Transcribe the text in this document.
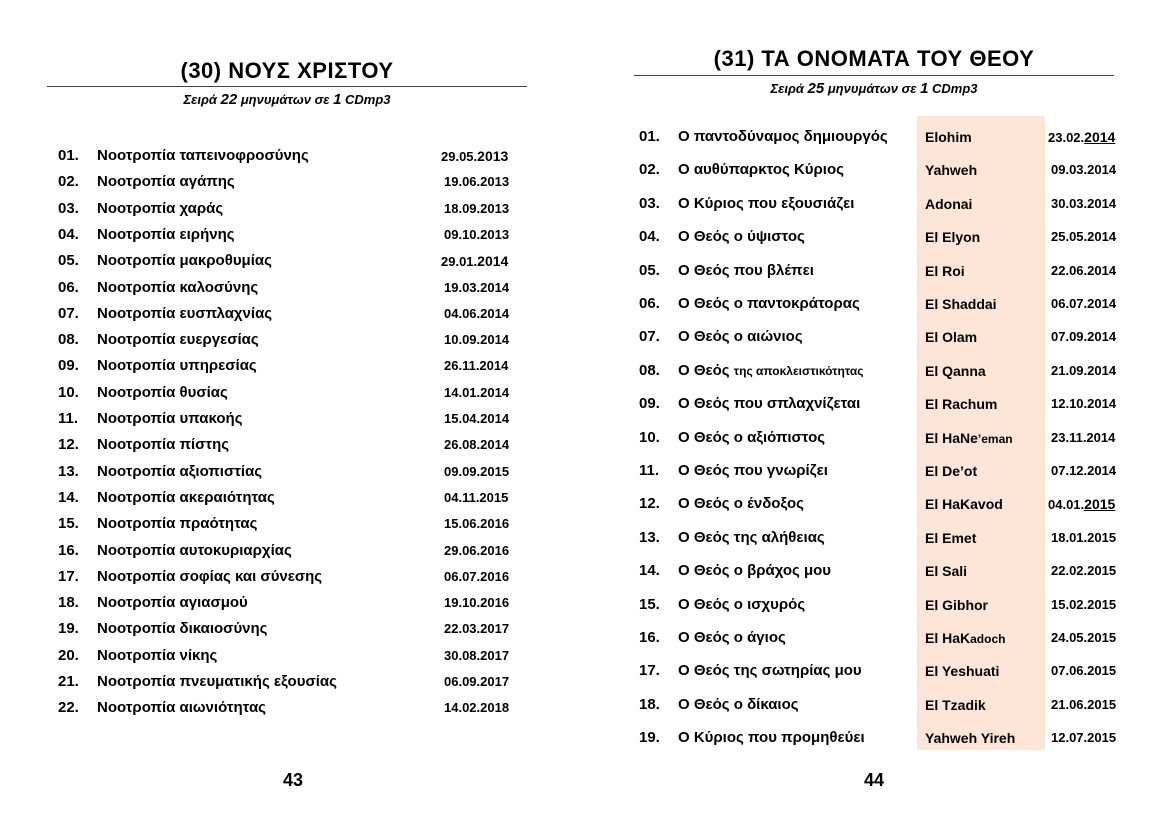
(30) ΝΟΥΣ ΧΡΙΣΤΟΥ
Σειρά 22 μηνυμάτων σε 1 CDmp3
01. Νοοτροπία ταπεινοφροσύνης	29.05.2013
02. Νοοτροπία αγάπης	19.06.2013
03. Νοοτροπία χαράς	18.09.2013
04. Νοοτροπία ειρήνης	09.10.2013
05. Νοοτροπία μακροθυμίας	29.01.2014
06. Νοοτροπία καλοσύνης	19.03.2014
07. Νοοτροπία ευσπλαχνίας	04.06.2014
08. Νοοτροπία ευεργεσίας	10.09.2014
09. Νοοτροπία υπηρεσίας	26.11.2014
10. Νοοτροπία θυσίας	14.01.2014
11. Νοοτροπία υπακοής	15.04.2014
12. Νοοτροπία πίστης	26.08.2014
13. Νοοτροπία αξιοπιστίας	09.09.2015
14. Νοοτροπία ακεραιότητας	04.11.2015
15. Νοοτροπία πραότητας	15.06.2016
16. Νοοτροπία αυτοκυριαρχίας	29.06.2016
17. Νοοτροπία σοφίας και σύνεσης	06.07.2016
18. Νοοτροπία αγιασμού	19.10.2016
19. Νοοτροπία δικαιοσύνης	22.03.2017
20. Νοοτροπία νίκης	30.08.2017
21. Νοοτροπία πνευματικής εξουσίας	06.09.2017
22. Νοοτροπία αιωνιότητας	14.02.2018
43
(31) ΤΑ ΟΝΟΜΑΤΑ ΤΟΥ ΘΕΟΥ
Σειρά 25 μηνυμάτων σε 1 CDmp3
01. Ο παντοδύναμος δημιουργός	Elohim	23.02.2014
02. Ο αυθύπαρκτος Κύριος	Yahweh	09.03.2014
03. Ο Κύριος που εξουσιάζει	Adonai	30.03.2014
04. Ο Θεός ο ύψιστος	El Elyon	25.05.2014
05. Ο Θεός που βλέπει	El Roi	22.06.2014
06. Ο Θεός ο παντοκράτορας	El Shaddai	06.07.2014
07. Ο Θεός ο αιώνιος	El Olam	07.09.2014
08. Ο Θεός της αποκλειστικότητας	El Qanna	21.09.2014
09. Ο Θεός που σπλαχνίζεται	El Rachum	12.10.2014
10. Ο Θεός ο αξιόπιστος	El HaNe’eman	23.11.2014
11. Ο Θεός που γνωρίζει	El De’ot	07.12.2014
12. Ο Θεός ο ένδοξος	El HaKavod	04.01.2015
13. Ο Θεός της αλήθειας	El Emet	18.01.2015
14. Ο Θεός ο βράχος μου	El Sali	22.02.2015
15. Ο Θεός ο ισχυρός	El Gibhor	15.02.2015
16. Ο Θεός ο άγιος	El HaKadoch	24.05.2015
17. Ο Θεός της σωτηρίας μου	El Yeshuati	07.06.2015
18. Ο Θεός ο δίκαιος	El Tzadik	21.06.2015
19. Ο Κύριος που προμηθεύει	Yahweh Yireh	12.07.2015
44
